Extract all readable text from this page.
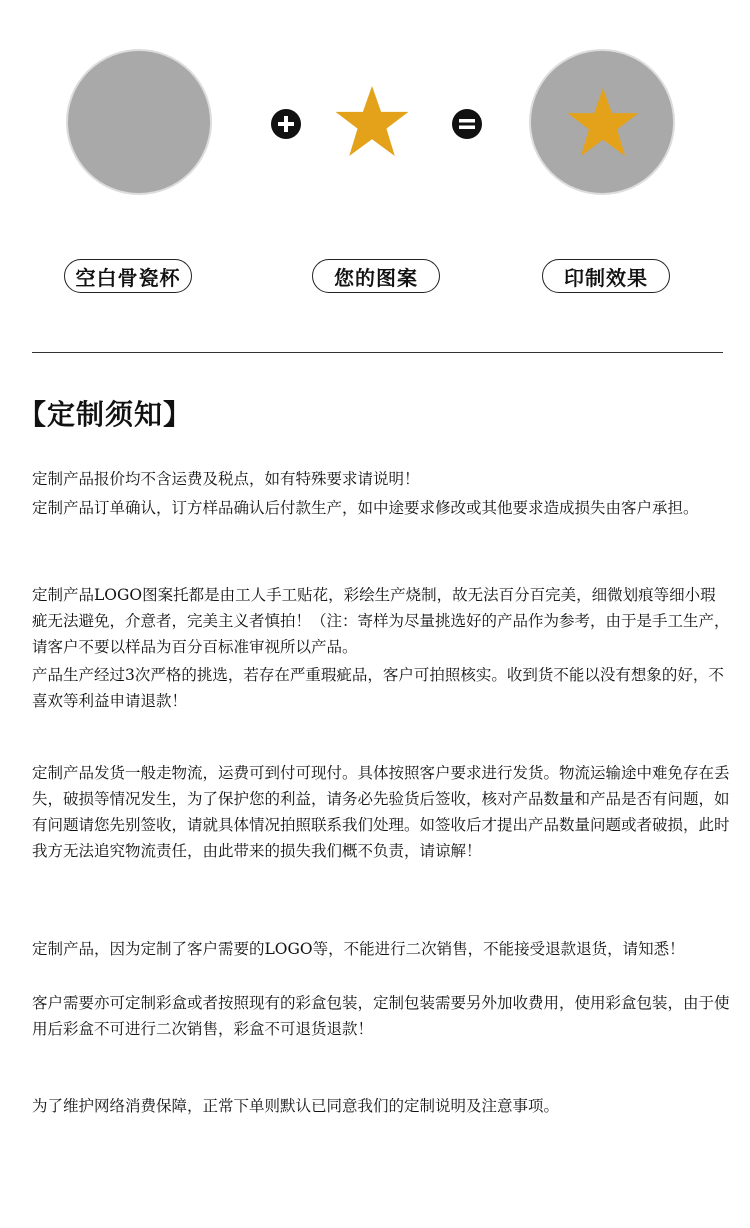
空白骨瓷杯	您的图案	印制效果
【定制须知】

定制产品报价均不含运费及税点，如有特殊要求请说明！

定制产品订单确认，订方样品确认后付款生产，如中途要求修改或其他要求造成损失由客户承担。

定制产品LOGO图案托都是由工人手工贴花，彩绘生产烧制，故无法百分百完美，细微划痕等细小瑕疵无法避免，介意者，完美主义者慎拍！（注：寄样为尽量挑选好的产品作为参考，由于是手工生产，请客户不要以样品为百分百标准审视所以产品。

产品生产经过3次严格的挑选，若存在严重瑕疵品，客户可拍照核实。收到货不能以没有想象的好，不喜欢等利益申请退款！

定制产品发货一般走物流，运费可到付可现付。具体按照客户要求进行发货。物流运输途中难免存在丢失，破损等情况发生，为了保护您的利益，请务必先验货后签收，核对产品数量和产品是否有问题，如有问题请您先别签收，请就具体情况拍照联系我们处理。如签收后才提出产品数量问题或者破损，此时我方无法追究物流责任，由此带来的损失我们概不负责，请谅解！

定制产品，因为定制了客户需要的LOGO等，不能进行二次销售，不能接受退款退货，请知悉！

客户需要亦可定制彩盒或者按照现有的彩盒包装，定制包装需要另外加收费用，使用彩盒包装，由于使用后彩盒不可进行二次销售，彩盒不可退货退款！

为了维护网络消费保障，正常下单则默认已同意我们的定制说明及注意事项。
